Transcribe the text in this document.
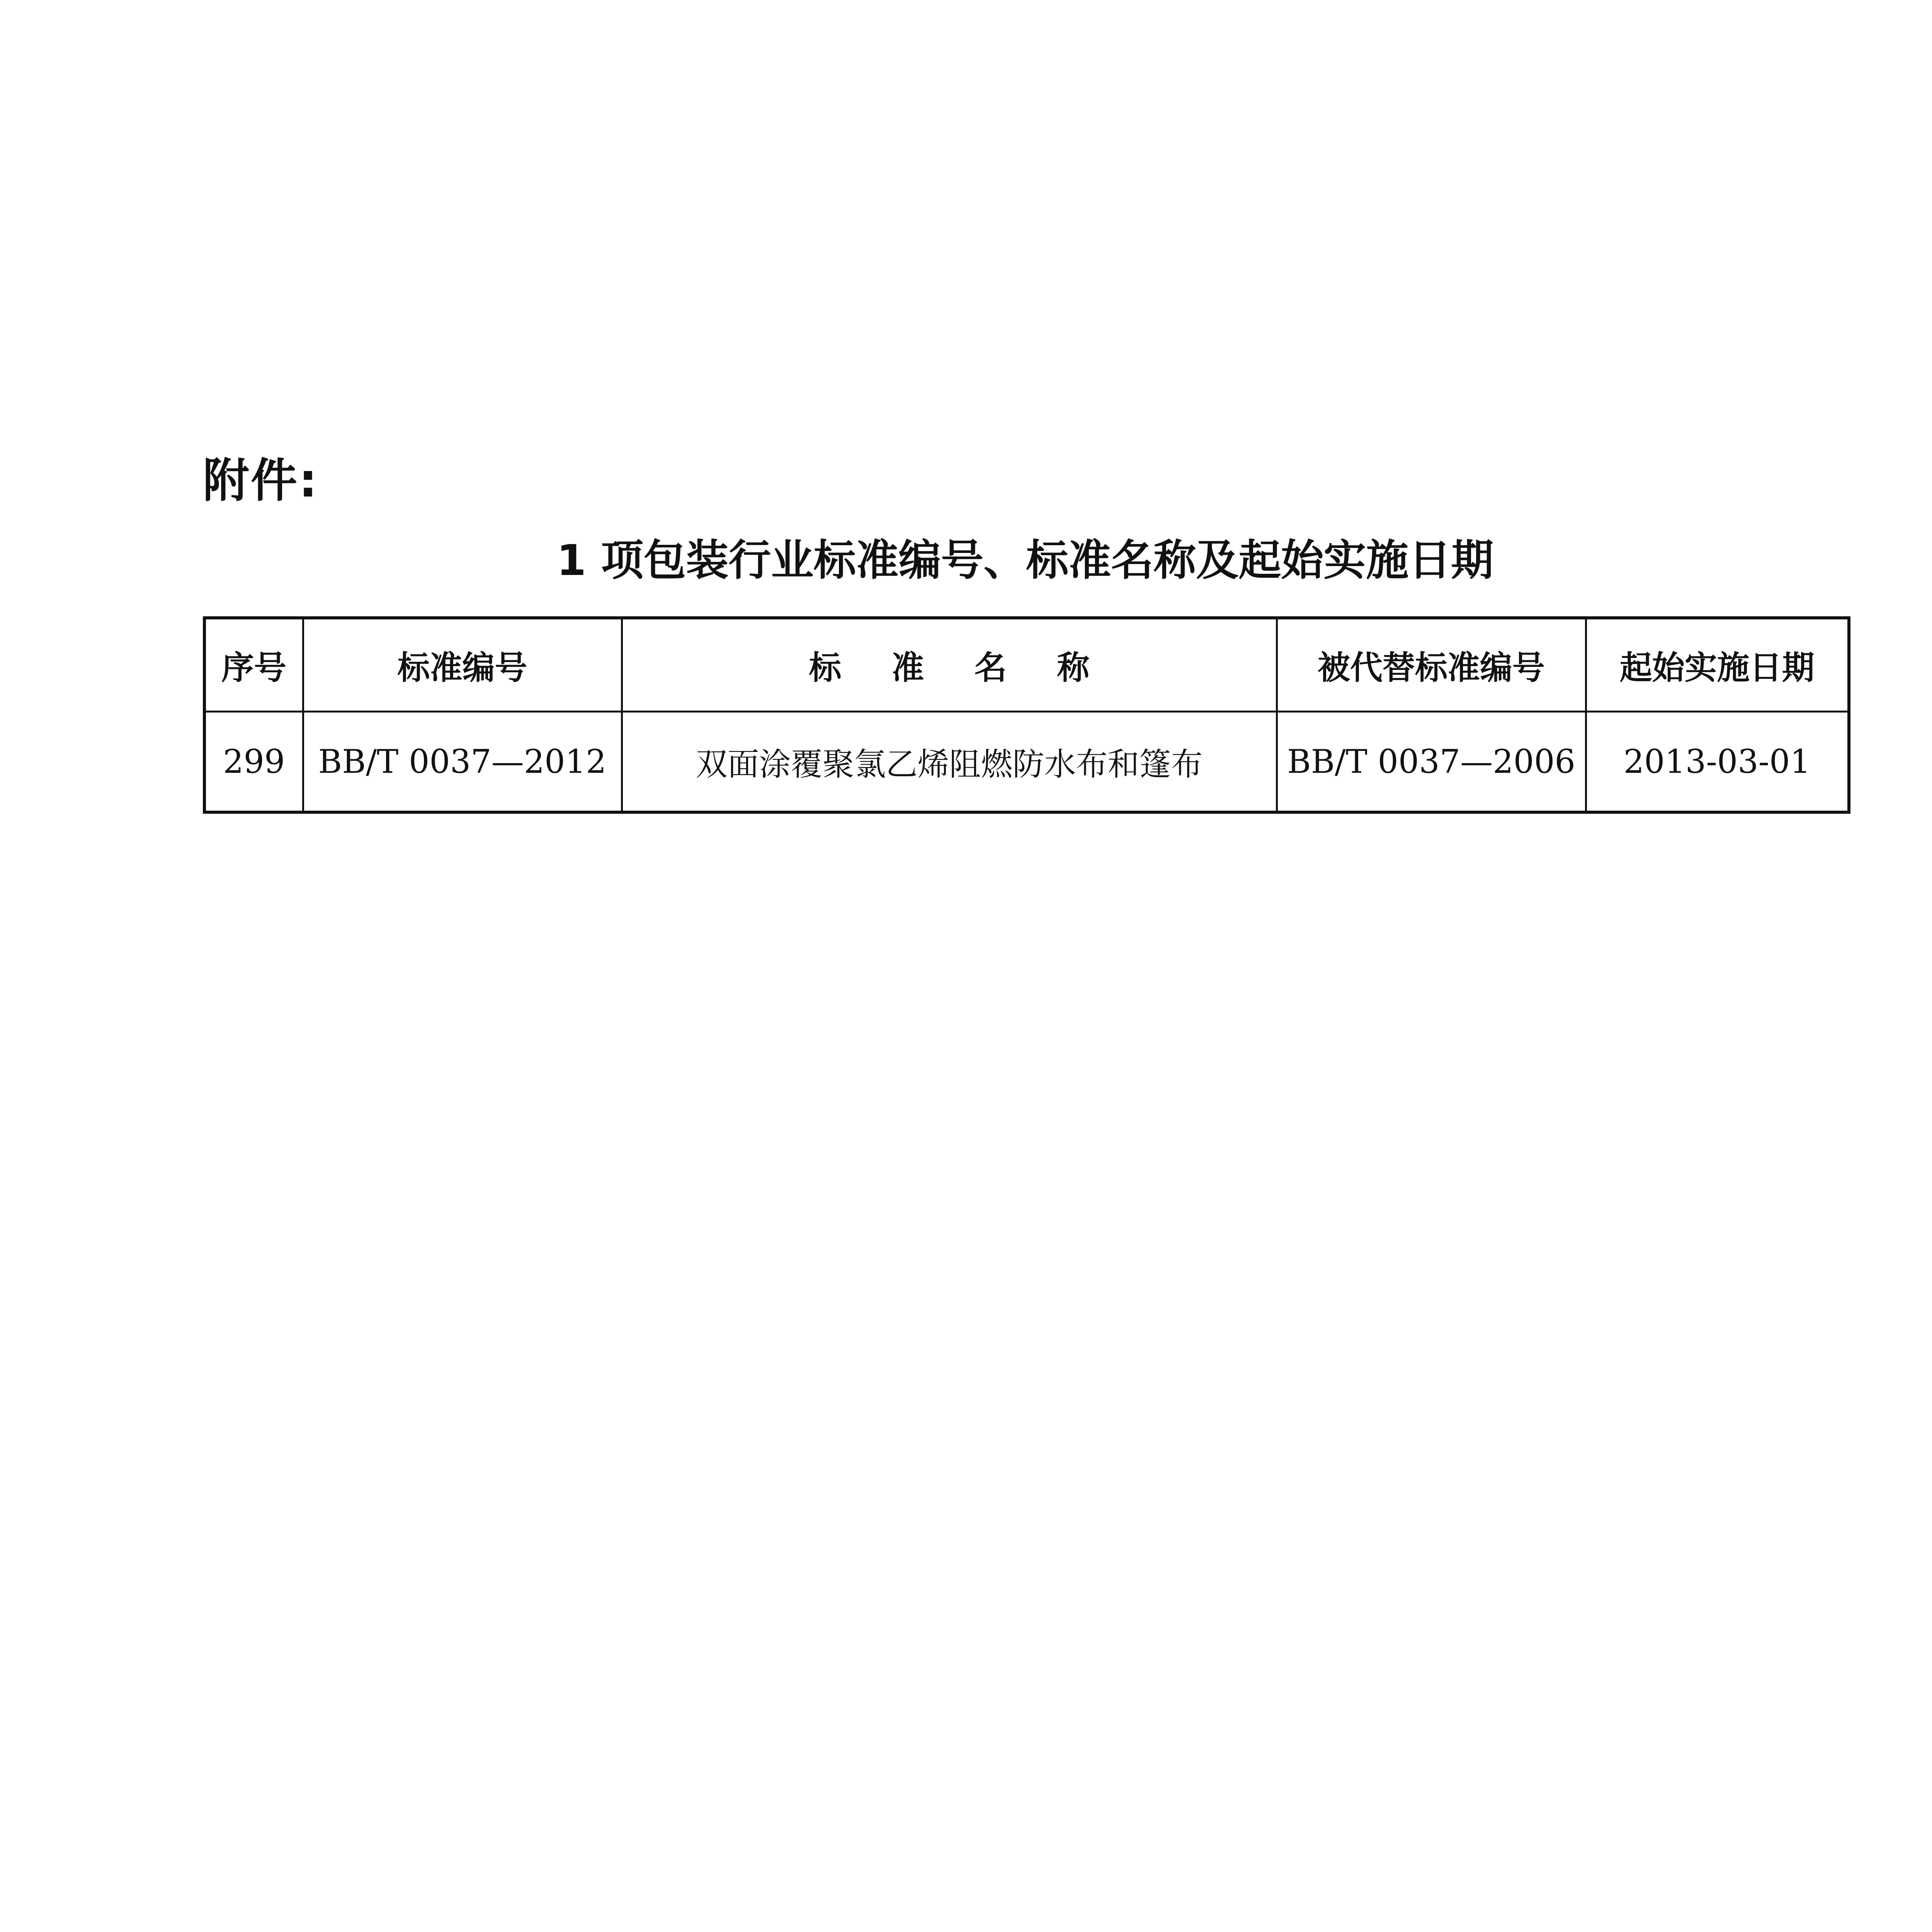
附件:
1 项包装行业标准编号、标准名称及起始实施日期
序号	标准编号	标准名称	被代替标准编号	起始实施日期
299	BB/T 0037—2012	双面涂覆聚氯乙烯阻燃防水布和篷布	BB/T 0037—2006	2013-03-01
